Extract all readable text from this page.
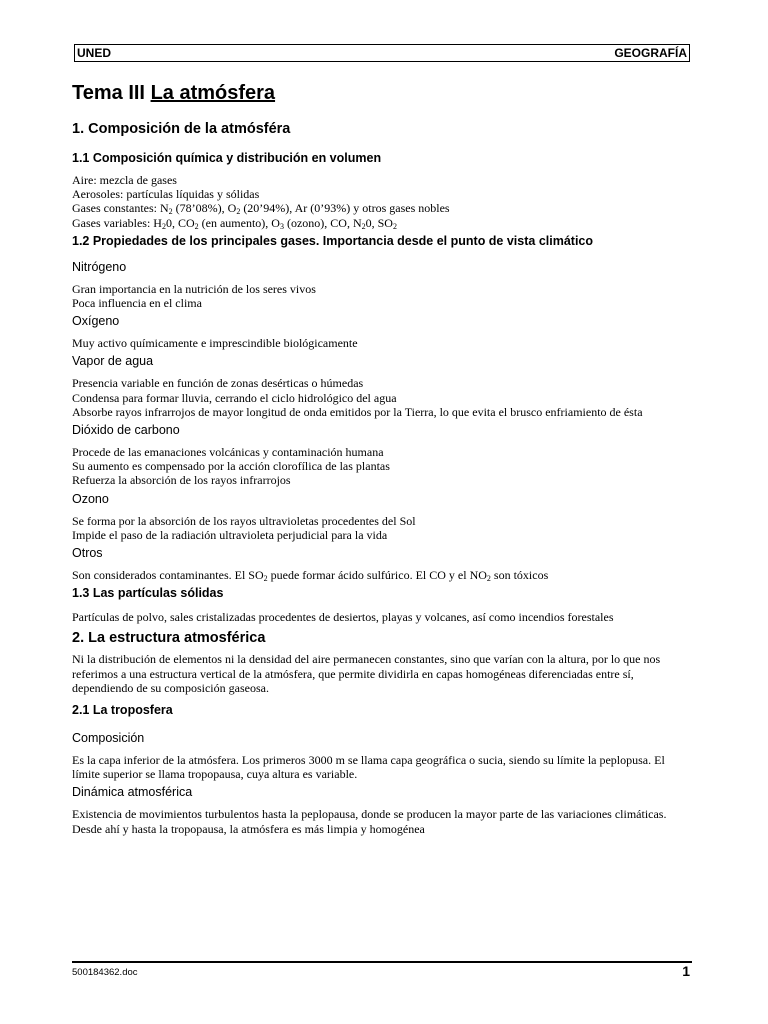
UNED	GEOGRAFÍA
Tema III La atmósfera
1. Composición de la atmósféra
1.1 Composición química y distribución en volumen
Aire: mezcla de gases
Aerosoles: partículas líquidas y sólidas
Gases constantes: $N_2$ (78’08%), $O_2$ (20’94%), Ar (0’93%) y otros gases nobles
Gases variables: $H_20$, $CO_2$ (en aumento), $O_3$ (ozono), CO, $N_20$, $SO_2$
1.2 Propiedades de los principales gases. Importancia desde el punto de vista climático
Nitrógeno
Gran importancia en la nutrición de los seres vivos
Poca influencia en el clima
Oxígeno
Muy activo químicamente e imprescindible biológicamente
Vapor de agua
Presencia variable en función de zonas desérticas o húmedas
Condensa para formar lluvia, cerrando el ciclo hidrológico del agua
Absorbe rayos infrarrojos de mayor longitud de onda emitidos por la Tierra, lo que evita el brusco enfriamiento de ésta
Dióxido de carbono
Procede de las emanaciones volcánicas y contaminación humana
Su aumento es compensado por la acción clorofílica de las plantas
Refuerza la absorción de los rayos infrarrojos
Ozono
Se forma por la absorción de los rayos ultravioletas procedentes del Sol
Impide el paso de la radiación ultravioleta perjudicial para la vida
Otros
Son considerados contaminantes. El $SO_2$ puede formar ácido sulfúrico. El CO y el $NO_2$ son tóxicos
1.3 Las partículas sólidas
Partículas de polvo, sales cristalizadas procedentes de desiertos, playas y volcanes, así como incendios forestales
2. La estructura atmosférica
Ni la distribución de elementos ni la densidad del aire permanecen constantes, sino que varían con la altura, por lo que nos referimos a una estructura vertical de la atmósfera, que permite dividirla en capas homogéneas diferenciadas entre sí, dependiendo de su composición gaseosa.
2.1 La troposfera
Composición
Es la capa inferior de la atmósfera. Los primeros 3000 m se llama capa geográfica o sucia, siendo su límite la peplopusa. El límite superior se llama tropopausa, cuya altura es variable.
Dinámica atmosférica
Existencia de movimientos turbulentos hasta la peplopausa, donde se producen la mayor parte de las variaciones climáticas. Desde ahí y hasta la tropopausa, la atmósfera es más limpia y homogénea
500184362.doc	1
